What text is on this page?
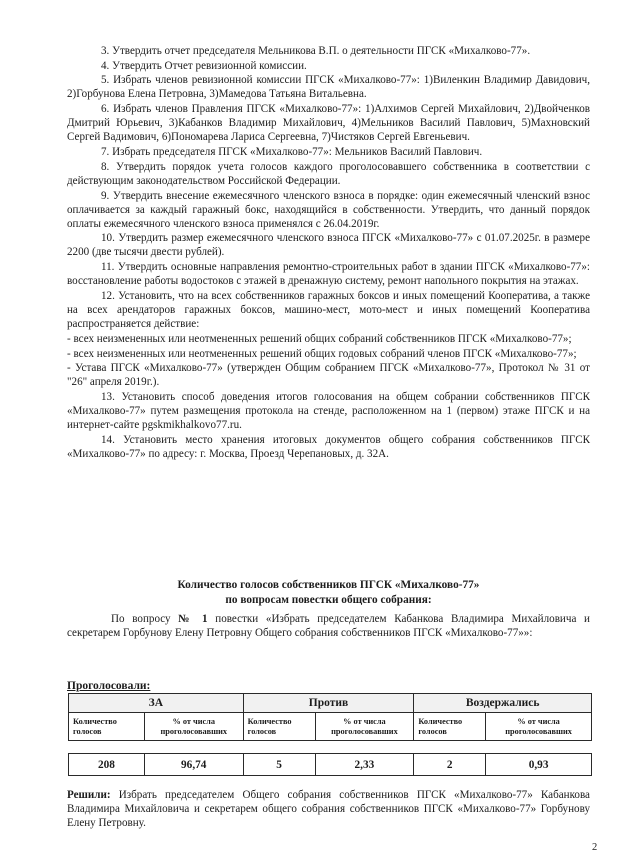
3. Утвердить отчет председателя Мельникова В.П. о деятельности ПГСК «Михалково-77».

4. Утвердить Отчет ревизионной комиссии.

5. Избрать членов ревизионной комиссии ПГСК «Михалково-77»: 1)Виленкин Владимир Давидович, 2)Горбунова Елена Петровна, 3)Мамедова Татьяна Витальевна.

6. Избрать членов Правления ПГСК «Михалково-77»: 1)Алхимов Сергей Михайлович, 2)Двойченков Дмитрий Юрьевич, 3)Кабанков Владимир Михайлович, 4)Мельников Василий Павлович, 5)Махновский Сергей Вадимович, 6)Пономарева Лариса Сергеевна, 7)Чистяков Сергей Евгеньевич.

7. Избрать председателя ПГСК «Михалково-77»: Мельников Василий Павлович.

8. Утвердить порядок учета голосов каждого проголосовавшего собственника в соответствии с действующим законодательством Российской Федерации.

9. Утвердить внесение ежемесячного членского взноса в порядке: один ежемесячный членский взнос оплачивается за каждый гаражный бокс, находящийся в собственности. Утвердить, что данный порядок оплаты ежемесячного членского взноса применялся с 26.04.2019г.

10. Утвердить размер ежемесячного членского взноса ПГСК «Михалково-77» с 01.07.2025г. в размере 2200 (две тысячи двести рублей).

11. Утвердить основные направления ремонтно-строительных работ в здании ПГСК «Михалково-77»: восстановление работы водостоков с этажей в дренажную систему, ремонт напольного покрытия на этажах.

12. Установить, что на всех собственников гаражных боксов и иных помещений Кооператива, а также на всех арендаторов гаражных боксов, машино-мест, мото-мест и иных помещений Кооператива распространяется действие:

- всех неизмененных или неотмененных решений общих собраний собственников ПГСК «Михалково-77»;

- всех неизмененных или неотмененных решений общих годовых собраний членов ПГСК «Михалково-77»;

- Устава ПГСК «Михалково-77» (утвержден Общим собранием ПГСК «Михалково-77», Протокол № 31 от "26" апреля 2019г.).

13. Установить способ доведения итогов голосования на общем собрании собственников ПГСК «Михалково-77» путем размещения протокола на стенде, расположенном на 1 (первом) этаже ПГСК и на интернет-сайте pgskmikhalkovo77.ru.

14. Установить место хранения итоговых документов общего собрания собственников ПГСК «Михалково-77» по адресу: г. Москва, Проезд Черепановых, д. 32А.

Количество голосов собственников ПГСК «Михалково-77»
по вопросам повестки общего собрания:
По вопросу № 1 повестки «Избрать председателем Кабанкова Владимира Михайловича и секретарем Горбунову Елену Петровну Общего собрания собственников ПГСК «Михалково-77»»:
Проголосовали:
ЗА		Против		Воздержались	
Количество голосов	% от числа проголосовавших	Количество голосов	% от числа проголосовавших	Количество голосов	% от числа проголосовавших

208	96,74	5	2,33	2	0,93
Решили: Избрать председателем Общего собрания собственников ПГСК «Михалково-77» Кабанкова Владимира Михайловича и секретарем общего собрания собственников ПГСК «Михалково-77» Горбунову Елену Петровну.
2
